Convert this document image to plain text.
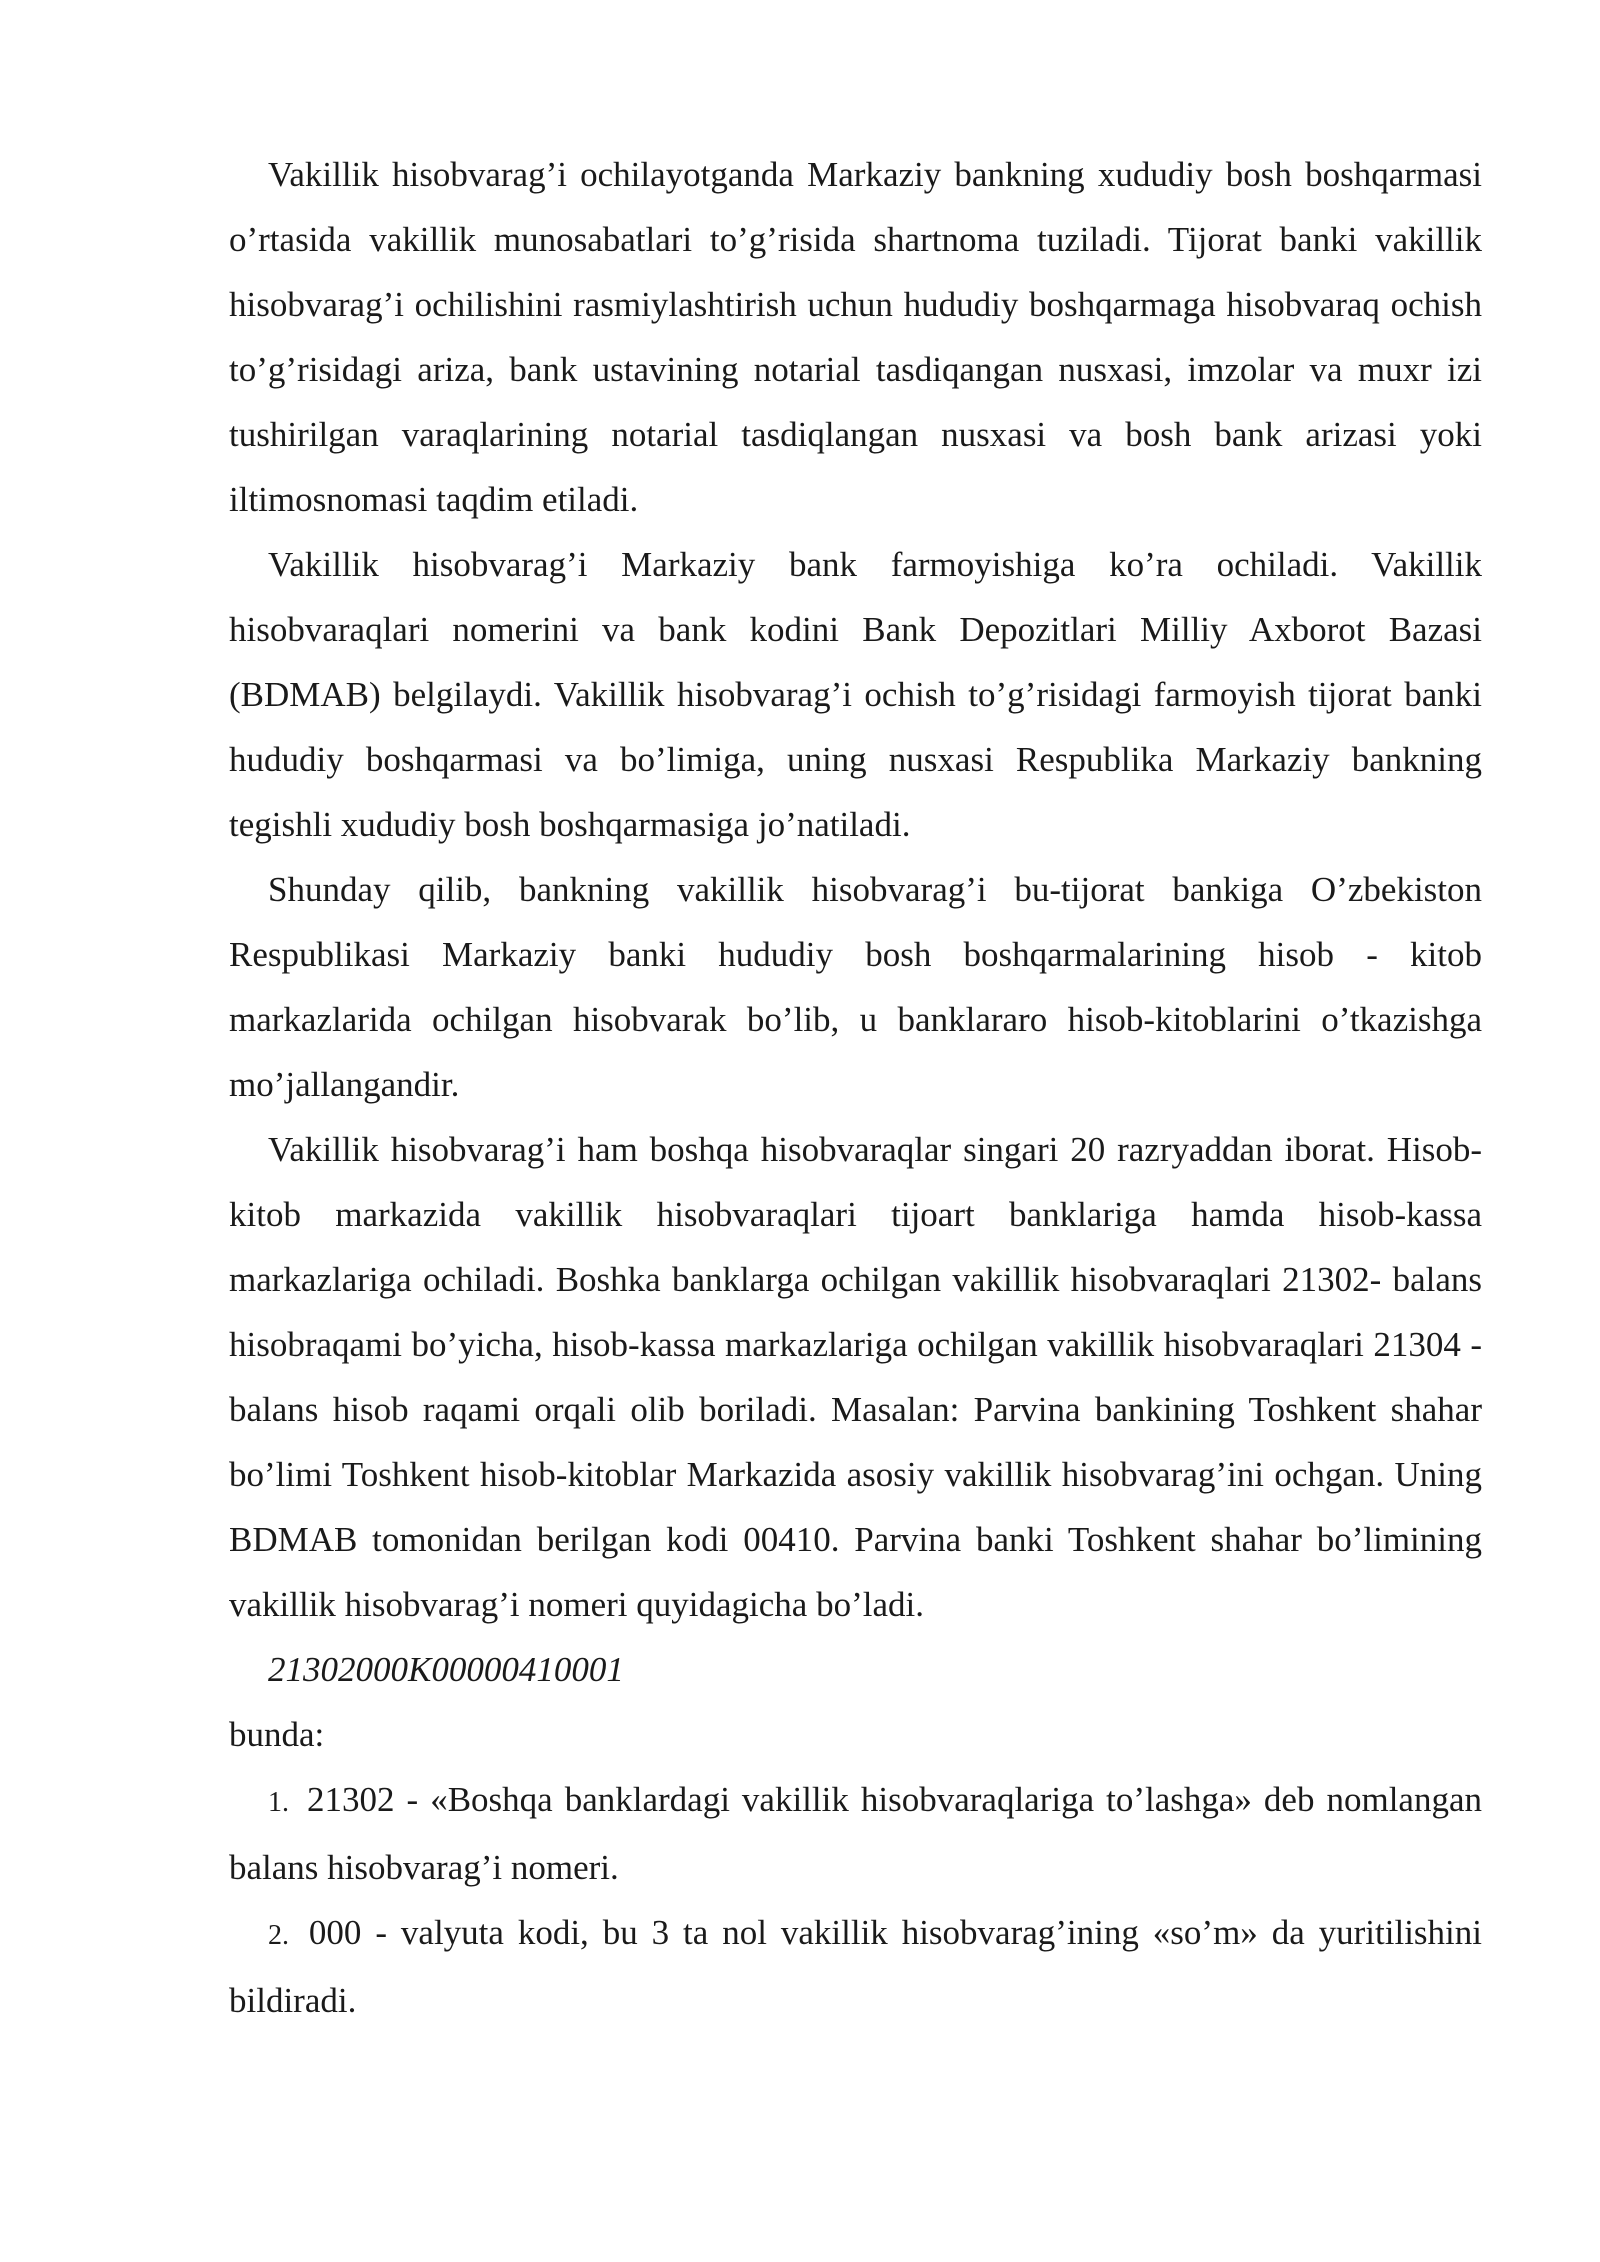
Vakillik hisobvarag’i ochilayotganda Markaziy bankning xududiy bosh boshqarmasi o’rtasida vakillik munosabatlari to’g’risida shartnoma tuziladi. Tijorat banki vakillik hisobvarag’i ochilishini rasmiylashtirish uchun hududiy boshqarmaga hisobvaraq ochish to’g’risidagi ariza, bank ustavining notarial tasdiqangan nusxasi, imzolar va muxr izi tushirilgan varaqlarining notarial tasdiqlangan nusxasi va bosh bank arizasi yoki iltimosnomasi taqdim etiladi.

Vakillik hisobvarag’i Markaziy bank farmoyishiga ko’ra ochiladi. Vakillik hisobvaraqlari nomerini va bank kodini Bank Depozitlari Milliy Axborot Bazasi (BDMAB) belgilaydi. Vakillik hisobvarag’i ochish to’g’risidagi farmoyish tijorat banki hududiy boshqarmasi va bo’limiga, uning nusxasi Respublika Markaziy bankning tegishli xududiy bosh boshqarmasiga jo’natiladi.

Shunday qilib, bankning vakillik hisobvarag’i bu-tijorat bankiga O’zbekiston Respublikasi Markaziy banki hududiy bosh boshqarmalarining hisob - kitob markazlarida ochilgan hisobvarak bo’lib, u banklararo hisob-kitoblarini o’tkazishga mo’jallangandir.

Vakillik hisobvarag’i ham boshqa hisobvaraqlar singari 20 razryaddan iborat. Hisob-kitob markazida vakillik hisobvaraqlari tijoart banklariga hamda hisob-kassa markazlariga ochiladi. Boshka banklarga ochilgan vakillik hisobvaraqlari 21302- balans hisobraqami bo’yicha, hisob-kassa markazlariga ochilgan vakillik hisobvaraqlari 21304 - balans hisob raqami orqali olib boriladi. Masalan: Parvina bankining Toshkent shahar bo’limi Toshkent hisob-kitoblar Markazida asosiy vakillik hisobvarag’ini ochgan. Uning BDMAB tomonidan berilgan kodi 00410. Parvina banki Toshkent shahar bo’limining vakillik hisobvarag’i nomeri quyidagicha bo’ladi.

21302000K00000410001

bunda:

1. 21302 - «Boshqa banklardagi vakillik hisobvaraqlariga to’lashga» deb nomlangan balans hisobvarag’i nomeri.

2. 000 - valyuta kodi, bu 3 ta nol vakillik hisobvarag’ining «so’m» da yuritilishini bildiradi.
